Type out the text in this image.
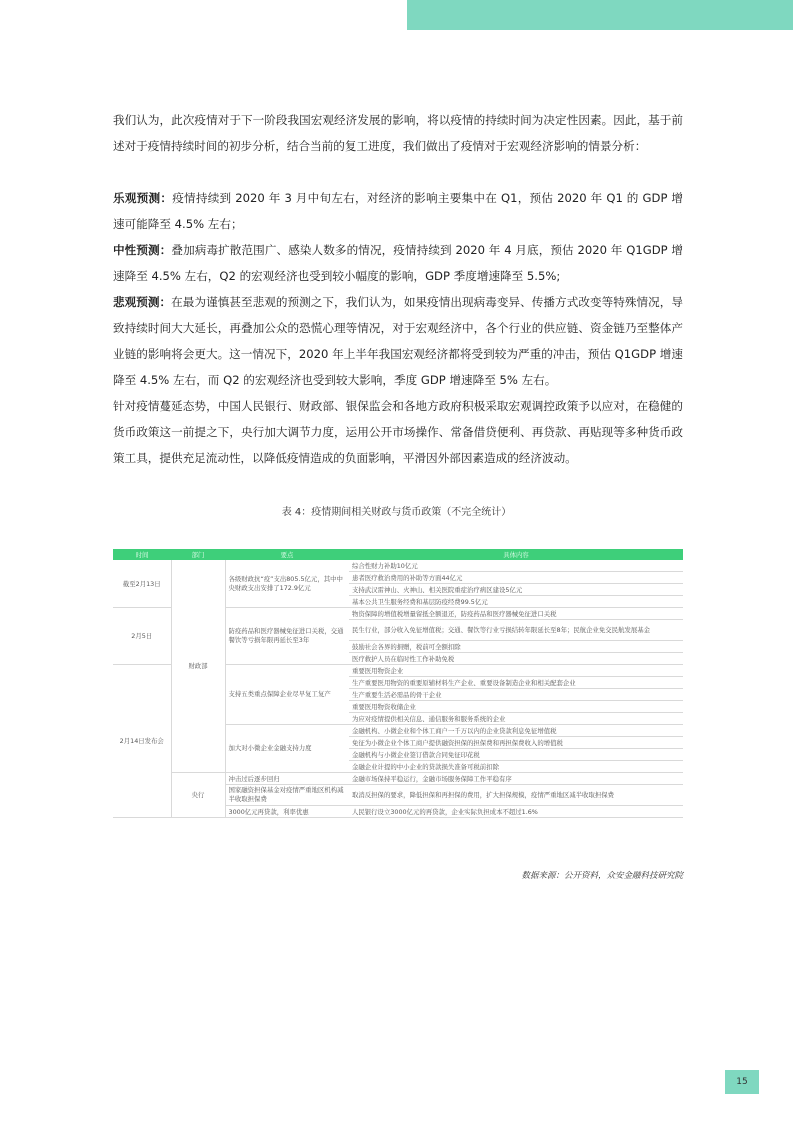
我们认为，此次疫情对于下一阶段我国宏观经济发展的影响，将以疫情的持续时间为决定性因素。因此，基于前述对于疫情持续时间的初步分析，结合当前的复工进度，我们做出了疫情对于宏观经济影响的情景分析：

乐观预测：疫情持续到 2020 年 3 月中旬左右，对经济的影响主要集中在 Q1，预估 2020 年 Q1 的 GDP 增速可能降至 4.5% 左右；

中性预测：叠加病毒扩散范围广、感染人数多的情况，疫情持续到 2020 年 4 月底，预估 2020 年 Q1GDP 增速降至 4.5% 左右，Q2 的宏观经济也受到较小幅度的影响，GDP 季度增速降至 5.5%;

悲观预测：在最为谨慎甚至悲观的预测之下，我们认为，如果疫情出现病毒变异、传播方式改变等特殊情况，导致持续时间大大延长，再叠加公众的恐慌心理等情况，对于宏观经济中，各个行业的供应链、资金链乃至整体产业链的影响将会更大。这一情况下，2020 年上半年我国宏观经济都将受到较为严重的冲击，预估 Q1GDP 增速降至 4.5% 左右，而 Q2 的宏观经济也受到较大影响，季度 GDP 增速降至 5% 左右。

针对疫情蔓延态势，中国人民银行、财政部、银保监会和各地方政府积极采取宏观调控政策予以应对，在稳健的货币政策这一前提之下，央行加大调节力度，运用公开市场操作、常备借贷便利、再贷款、再贴现等多种货币政策工具，提供充足流动性，以降低疫情造成的负面影响，平滑因外部因素造成的经济波动。

表 4：疫情期间相关财政与货币政策（不完全统计）
时间	部门	要点	具体内容
截至2月13日	财政部	各级财政抗“疫”支出805.5亿元，其中中央财政支出安排了172.9亿元	综合性财力补助10亿元
			患者医疗救治费用的补助等方面44亿元
			支持武汉雷神山、火神山、相关医院重症治疗病区建设5亿元
			基本公共卫生服务经费和基层防疫经费99.5亿元
2月5日		防疫药品和医疗器械免征进口关税，交通餐饮等亏损年限再延长至3年	物资保障的增值税增量留抵全额退还，防疫药品和医疗器械免征进口关税
			民生行业，部分收入免征增值税；交通、餐饮等行业亏损结转年限延长至8年；民航企业免交民航发展基金
			鼓励社会各界的捐赠，税前可全额扣除
			医疗救护人员在临时性工作补助免税
2月14日发布会		支持五类重点保障企业尽早复工复产	重要医用物资企业
			生产重要医用物资的重要原辅材料生产企业、重要设备制造企业和相关配套企业
			生产重要生活必需品的骨干企业
			重要医用物资收储企业
			为应对疫情提供相关信息、通信服务和服务系统的企业
		加大对小微企业金融支持力度	金融机构、小微企业和个体工商户一千万以内的企业贷款利息免征增值税
			免征为小微企业个体工商户提供融资担保的担保费和再担保费收入的增值税
			金融机构与小微企业签订借款合同免征印花税
			金融企业计提的中小企业的贷款损失准备可税前扣除
	央行	冲击过后逐步回归	金融市场保持平稳运行，金融市场服务保障工作平稳有序
		国家融资担保基金对疫情严重地区机构减半收取担保费	取消反担保的要求，降低担保和再担保的费用，扩大担保规模，疫情严重地区减半收取担保费
		3000亿元再贷款，利率优惠	人民银行设立3000亿元的再贷款，企业实际负担成本不超过1.6%
数据来源：公开资料，众安金融科技研究院
15
